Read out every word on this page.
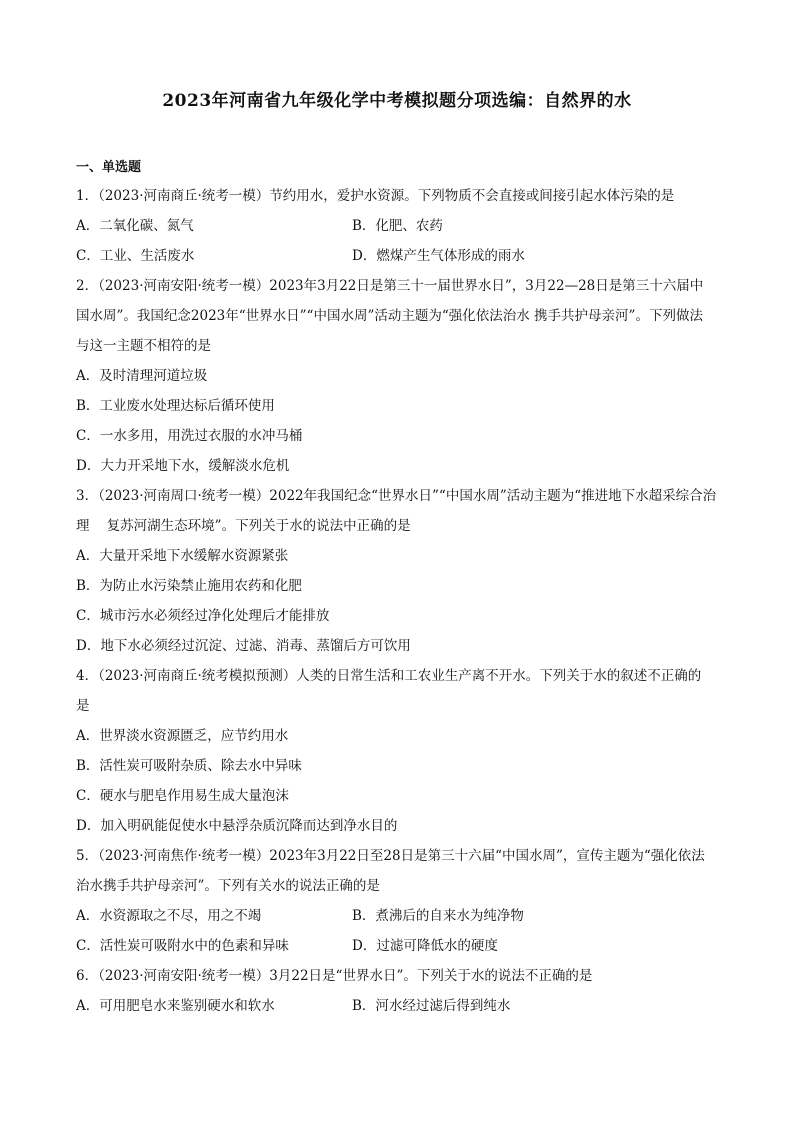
2023年河南省九年级化学中考模拟题分项选编：自然界的水
一、单选题
1．（2023·河南商丘·统考一模）节约用水，爱护水资源。下列物质不会直接或间接引起水体污染的是
A．二氧化碳、氮气	B．化肥、农药
C．工业、生活废水	D．燃煤产生气体形成的雨水
2．（2023·河南安阳·统考一模）2023年3月22日是第三十一届世界水日”，3月22—28日是第三十六届中
国水周”。我国纪念2023年“世界水日”“中国水周”活动主题为“强化依法治水 携手共护母亲河”。下列做法
与这一主题不相符的是
A．及时清理河道垃圾
B．工业废水处理达标后循环使用
C．一水多用，用洗过衣服的水冲马桶
D．大力开采地下水，缓解淡水危机
3．（2023·河南周口·统考一模）2022年我国纪念“世界水日”“中国水周”活动主题为“推进地下水超采综合治
理    复苏河湖生态环境”。下列关于水的说法中正确的是
A．大量开采地下水缓解水资源紧张
B．为防止水污染禁止施用农药和化肥
C．城市污水必须经过净化处理后才能排放
D．地下水必须经过沉淀、过滤、消毒、蒸馏后方可饮用
4．（2023·河南商丘·统考模拟预测）人类的日常生活和工农业生产离不开水。下列关于水的叙述不正确的
是
A．世界淡水资源匮乏，应节约用水
B．活性炭可吸附杂质、除去水中异味
C．硬水与肥皂作用易生成大量泡沫
D．加入明矾能促使水中悬浮杂质沉降而达到净水目的
5．（2023·河南焦作·统考一模）2023年3月22日至28日是第三十六届“中国水周”，宣传主题为“强化依法
治水携手共护母亲河”。下列有关水的说法正确的是
A．水资源取之不尽，用之不竭	B．煮沸后的自来水为纯净物
C．活性炭可吸附水中的色素和异味	D．过滤可降低水的硬度
6．（2023·河南安阳·统考一模）3月22日是“世界水日”。下列关于水的说法不正确的是
A．可用肥皂水来鉴别硬水和软水	B．河水经过滤后得到纯水
